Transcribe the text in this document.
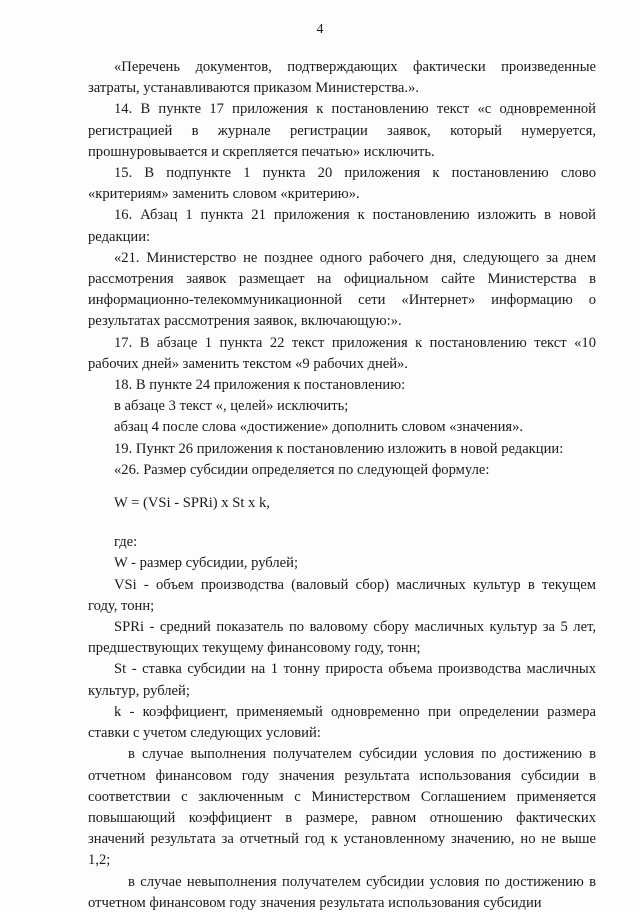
4

«Перечень документов, подтверждающих фактически произведенные затраты, устанавливаются приказом Министерства.».

14. В пункте 17 приложения к постановлению текст «с одновременной регистрацией в журнале регистрации заявок, который нумеруется, прошнуровывается и скрепляется печатью» исключить.

15. В подпункте 1 пункта 20 приложения к постановлению слово «критериям» заменить словом «критерию».

16. Абзац 1 пункта 21 приложения к постановлению изложить в новой редакции:

«21. Министерство не позднее одного рабочего дня, следующего за днем рассмотрения заявок размещает на официальном сайте Министерства в информационно-телекоммуникационной сети «Интернет» информацию о результатах рассмотрения заявок, включающую:».

17. В абзаце 1 пункта 22 текст приложения к постановлению текст «10 рабочих дней» заменить текстом «9 рабочих дней».

18. В пункте 24 приложения к постановлению:

в абзаце 3 текст «, целей» исключить;

абзац 4 после слова «достижение» дополнить словом «значения».

19. Пункт 26 приложения к постановлению изложить в новой редакции:

«26. Размер субсидии определяется по следующей формуле:

W = (VSi - SPRi) x St x k,

где:

W - размер субсидии, рублей;

VSi - объем производства (валовый сбор) масличных культур в текущем году, тонн;

SPRi - средний показатель по валовому сбору масличных культур за 5 лет, предшествующих текущему финансовому году, тонн;

St - ставка субсидии на 1 тонну прироста объема производства масличных культур, рублей;

k - коэффициент, применяемый одновременно при определении размера ставки с учетом следующих условий:

в случае выполнения получателем субсидии условия по достижению в отчетном финансовом году значения результата использования субсидии в соответствии с заключенным с Министерством Соглашением применяется повышающий коэффициент в размере, равном отношению фактических значений результата за отчетный год к установленному значению, но не выше 1,2;

в случае невыполнения получателем субсидии условия по достижению в отчетном финансовом году значения результата использования субсидии
